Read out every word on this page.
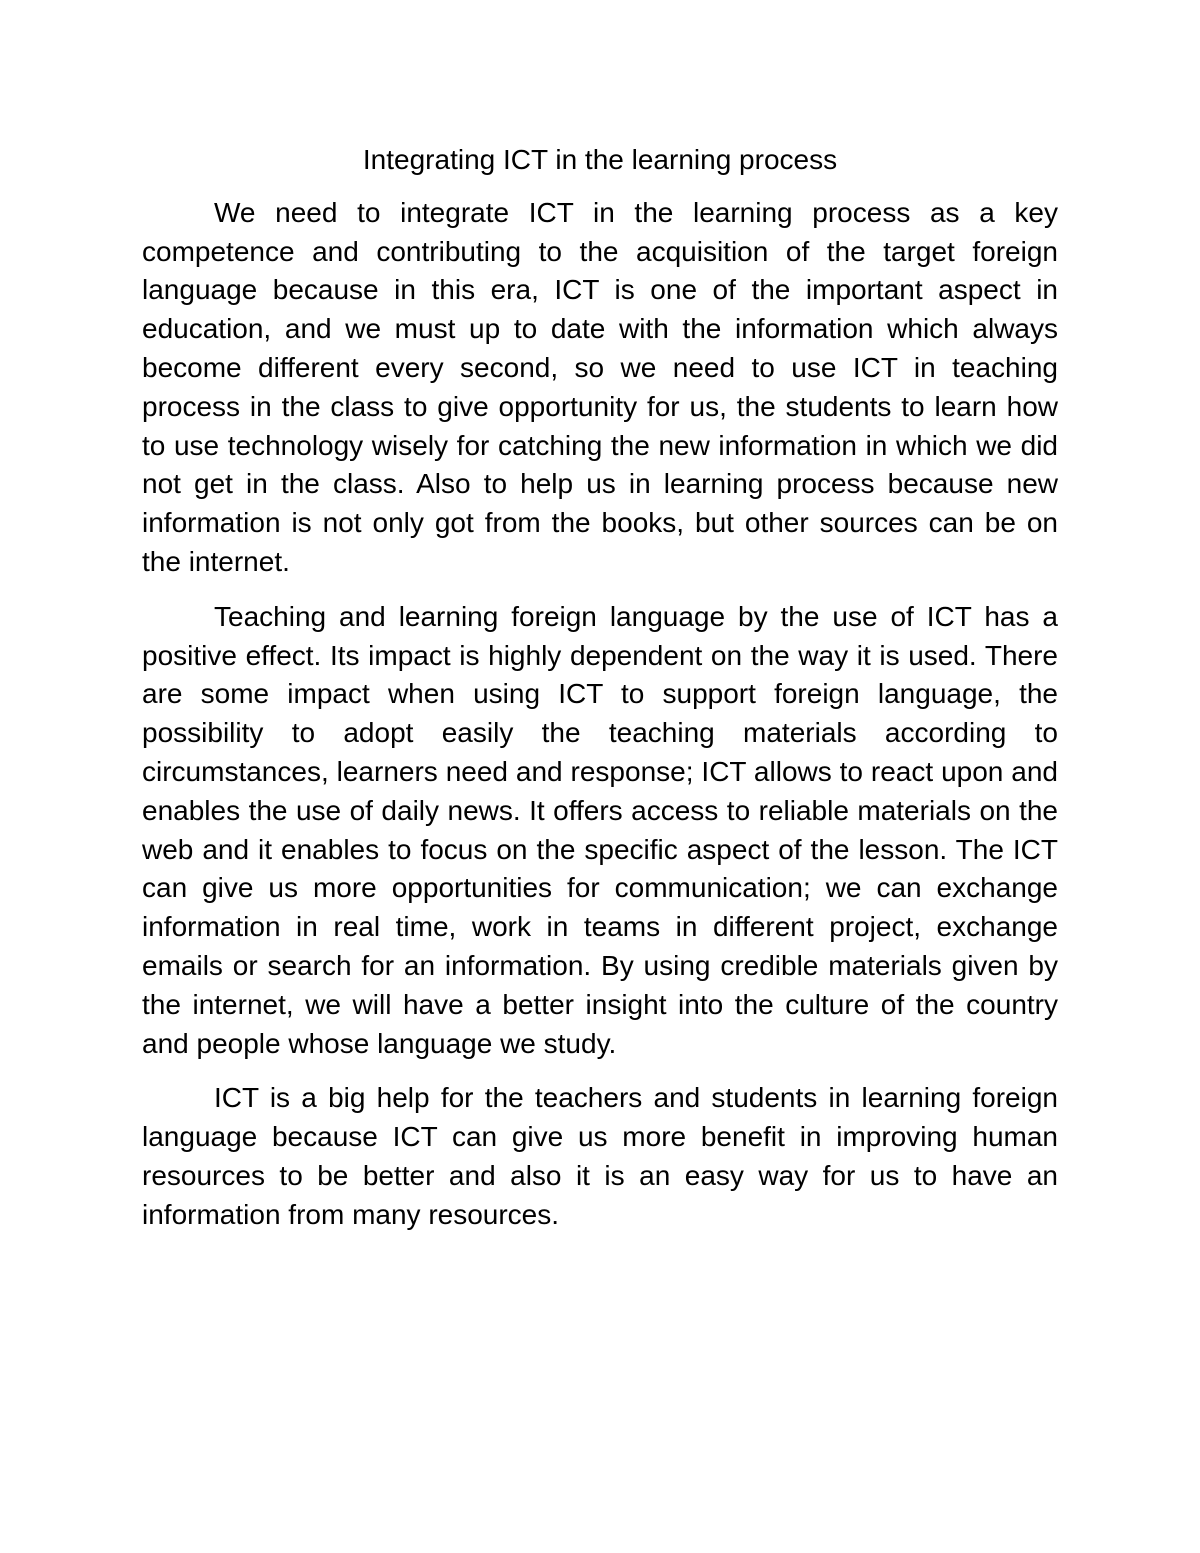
Integrating ICT in the learning process

We need to integrate ICT in the learning process as a key competence and contributing to the acquisition of the target foreign language because in this era, ICT is one of the important aspect in education, and we must up to date with the information which always become different every second, so we need to use ICT in teaching process in the class to give opportunity for us, the students to learn how to use technology wisely for catching the new information in which we did not get in the class. Also to help us in learning process because new information is not only got from the books, but other sources can be on the internet.

Teaching and learning foreign language by the use of ICT has a positive effect. Its impact is highly dependent on the way it is used. There are some impact when using ICT to support foreign language, the possibility to adopt easily the teaching materials according to circumstances, learners need and response; ICT allows to react upon and enables the use of daily news. It offers access to reliable materials on the web and it enables to focus on the specific aspect of the lesson. The ICT can give us more opportunities for communication; we can exchange information in real time, work in teams in different project, exchange emails or search for an information. By using credible materials given by the internet, we will have a better insight into the culture of the country and people whose language we study.

ICT is a big help for the teachers and students in learning foreign language because ICT can give us more benefit in improving human resources to be better and also it is an easy way for us to have an information from many resources.
